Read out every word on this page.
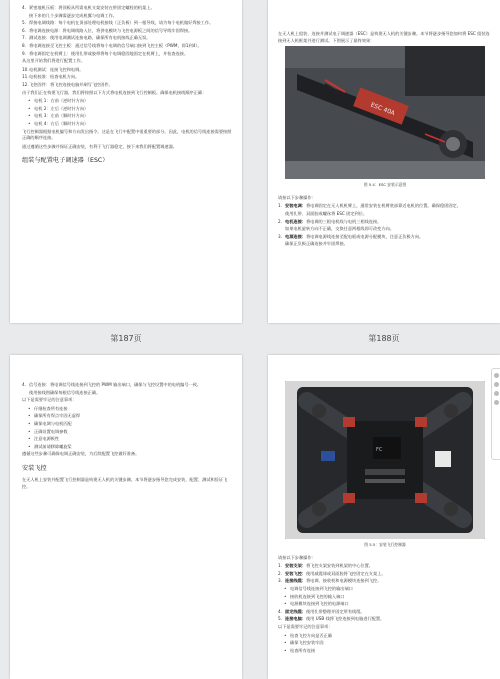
4. 紧密地机压板：将顶板从所需电机支架安装在带固定螺栓的机架上。
接下来的几个步骤需逐步完成机翼与电调工作。
5. 焊接电调线路：每个电机在顶部处理电机接线（正负极）到一根导线，请为每个电机做好焊接工作。
6. 将电调连接电源：将电调线路入位，将供电模块与飞控电源板之间的信号导线牢固焊接。
7. 测试连接：使用电调测试连接电路，确保所有电机接线正确无误。
8. 将电调连接至飞控主板：通过信号线将每个电调的信号端口接到飞控主板（PWM，即1到4）。
9. 将电调固定在机臂上：使用扎带或胶带将每个电调稳固地固定在机臂上，并检查连接。
从这里开始我们将进行配置工作。
10. 电机测试：连接飞控和电调。
11. 电机校准：检查电机方向。
12. 飞控固件：将飞控连接电脑并刷写飞控固件。
由于我们正在构建飞行器，我们将按照以下方式将电机连接到飞行控制板。确保电机接线顺序正确：
• 电机 1：右前（逆时针方向）
• 电机 2：左后（逆时针方向）
• 电机 3：左前（顺时针方向）
• 电机 4：右后（顺时针方向）
飞行控制器根据电机编号和方向发出指令。这是在飞行中配置中很重要的部分。因此，电机的信号线连接需要按照正确的顺序连接。
通过遵循这些步骤并保证正确安装，有利于飞行器稳定，接下来我们将配置调速器。
组装与配置电子调速器（ESC）
第187页
在无人机上组装、连接并测试电子调速器（ESC）是构建无人机的关键步骤。本节将逐步指导您如何将 ESC 组装连接到无人机框架并进行测试。下图展示了最终效果：
ESC 40A
图 5.4：ESC 安装示意图
请按以下步骤操作：
1. 安装电调：将电调固定在无人机机臂上，通常安装在机臂底部靠近电机的位置。确保稳固固定。
使用扎带、双面胶或螺丝将 ESC 固定到位。
2. 电机连接：将电调的三根电机线与电机三相线连接。
如果电机旋转方向不正确，交换任意两根线即可改变方向。
3. 电源连接：将电调电源线连接至配电板或电源分配模块，注意正负极方向。
确保正负极正确连接并牢固焊接。
第188页
4. 信号连接：将电调信号线连接到飞控的 PWM 输出端口，确保与飞控设置中的电机编号一致。
使用接线图确保每根信号线连接正确。
以下是需要牢记的注意事项：
• 仔细检查所有连接
• 确保所有焊点牢固无虚焊
• 确保电调与电机匹配
• 正确设置电调参数
• 注意电源极性
• 测试前请移除螺旋桨
遵循这些步骤可确保电调正确安装，为后续配置飞控做好准备。
安装飞控
在无人机上安装并配置飞行控制器是构建无人机的关键步骤。本节将逐步指导您完成安装、配置、测试和验证飞控。
FC
图 5.5：安装飞行控制器
请按以下步骤操作：
1. 安装支架：将飞控支架安装到机架的中心位置。
2. 安装飞控：使用减震球或双面胶将飞控固定在支架上。
3. 连接线缆：将电调、接收机和电源模块连接到飞控。
• 电调信号线连接到飞控的输出端口
• 接收机连接到飞控的输入端口
• 电源模块连接到飞控的电源端口
4. 固定线缆：使用扎带整理并固定所有线缆。
5. 连接电脑：使用 USB 线将飞控连接到电脑进行配置。
以下是需要牢记的注意事项：
• 检查飞控方向是否正确
• 确保飞控安装牢固
• 检查所有连接
